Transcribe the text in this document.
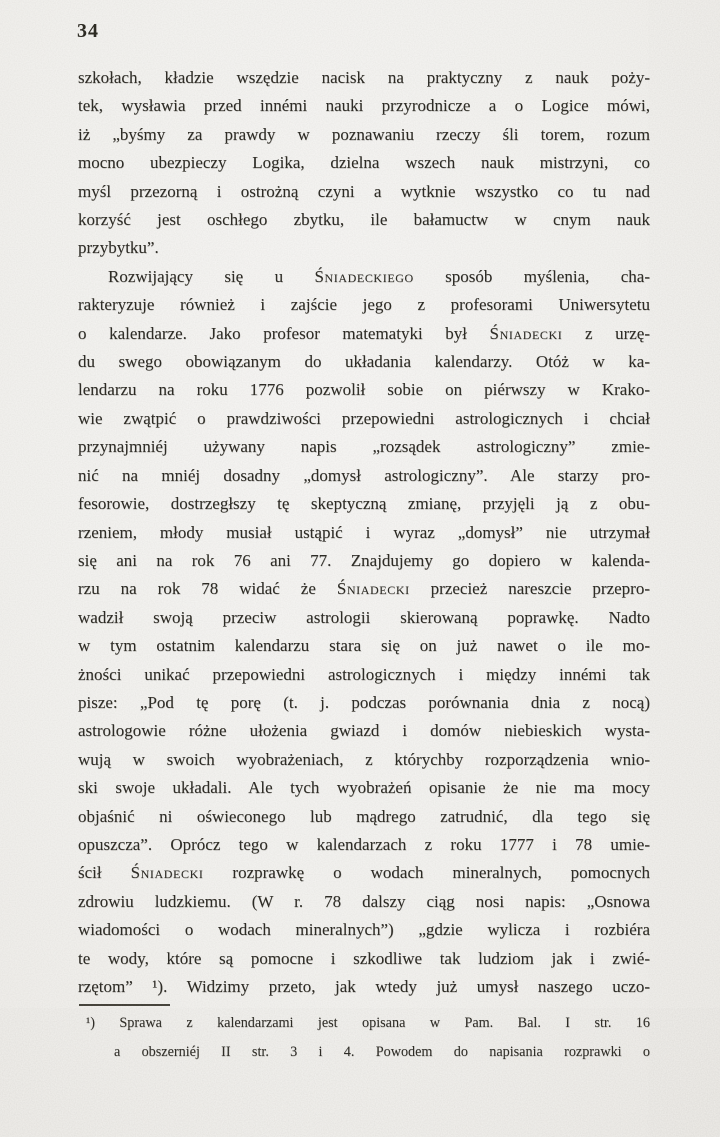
34
szkołach, kładzie wszędzie nacisk na praktyczny z nauk poży-
tek, wysławia przed innémi nauki przyrodnicze a o Logice mówi,
iż „byśmy za prawdy w poznawaniu rzeczy śli torem, rozum
mocno ubezpieczy Logika, dzielna wszech nauk mistrzyni, co
myśl przezorną i ostrożną czyni a wytknie wszystko co tu nad
korzyść jest oschłego zbytku, ile bałamuctw w cnym nauk
przybytku”.
Rozwijający się u Śniadeckiego sposób myślenia, cha-
rakteryzuje również i zajście jego z profesorami Uniwersytetu
o kalendarze. Jako profesor matematyki był Śniadecki z urzę-
du swego obowiązanym do układania kalendarzy. Otóż w ka-
lendarzu na roku 1776 pozwolił sobie on piérwszy w Krako-
wie zwątpić o prawdziwości przepowiedni astrologicznych i chciał
przynajmniéj używany napis „rozsądek astrologiczny” zmie-
nić na mniéj dosadny „domysł astrologiczny”. Ale starzy pro-
fesorowie, dostrzegłszy tę skeptyczną zmianę, przyjęli ją z obu-
rzeniem, młody musiał ustąpić i wyraz „domysł” nie utrzymał
się ani na rok 76 ani 77. Znajdujemy go dopiero w kalenda-
rzu na rok 78 widać że Śniadecki przecież nareszcie przepro-
wadził swoją przeciw astrologii skierowaną poprawkę. Nadto
w tym ostatnim kalendarzu stara się on już nawet o ile mo-
żności unikać przepowiedni astrologicznych i między innémi tak
pisze: „Pod tę porę (t. j. podczas porównania dnia z nocą)
astrologowie różne ułożenia gwiazd i domów niebieskich wysta-
wują w swoich wyobrażeniach, z którychby rozporządzenia wnio-
ski swoje układali. Ale tych wyobrażeń opisanie że nie ma mocy
objaśnić ni oświeconego lub mądrego zatrudnić, dla tego się
opuszcza”. Oprócz tego w kalendarzach z roku 1777 i 78 umie-
ścił Śniadecki rozprawkę o wodach mineralnych, pomocnych
zdrowiu ludzkiemu. (W r. 78 dalszy ciąg nosi napis: „Osnowa
wiadomości o wodach mineralnych”) „gdzie wylicza i rozbiéra
te wody, które są pomocne i szkodliwe tak ludziom jak i zwié-
rzętom” ¹). Widzimy przeto, jak wtedy już umysł naszego uczo-
¹) Sprawa z kalendarzami jest opisana w Pam. Bal. I str. 16
a obszerniéj II str. 3 i 4. Powodem do napisania rozprawki o
